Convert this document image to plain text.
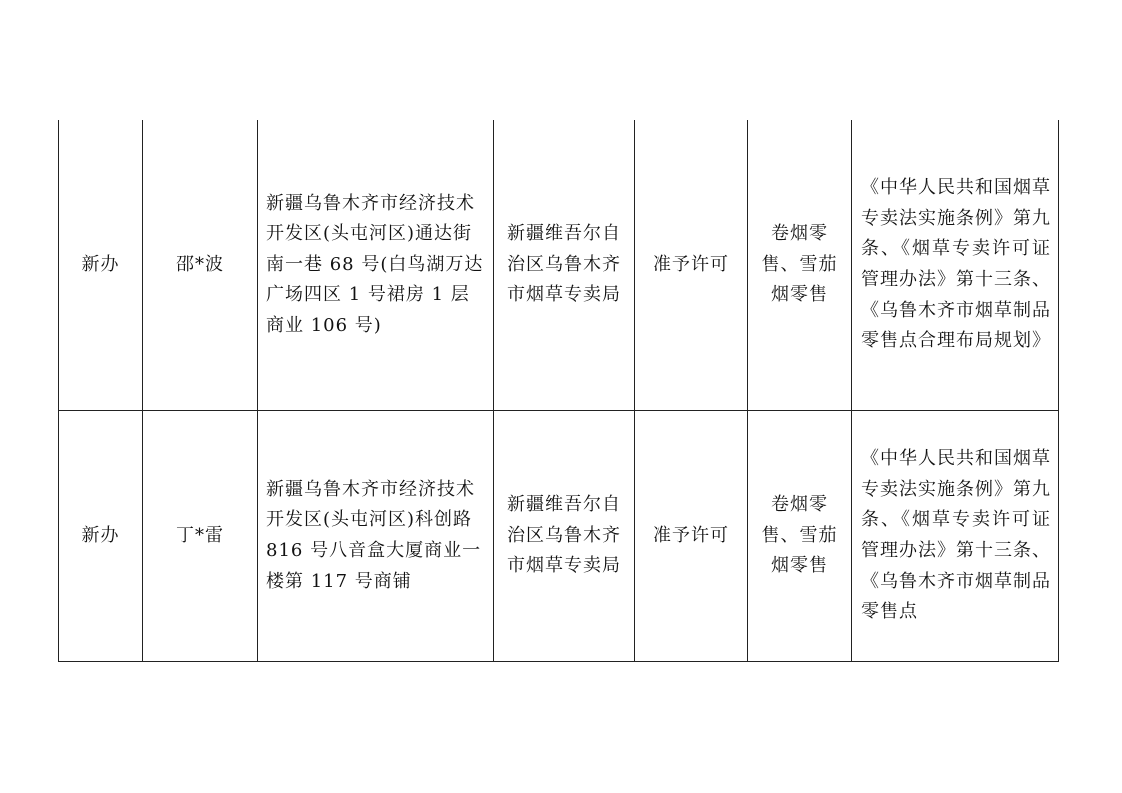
新办	邵*波	新疆乌鲁木齐市经济技术开发区(头屯河区)通达街南一巷 68 号(白鸟湖万达广场四区 1 号裙房 1 层商业 106 号)	新疆维吾尔自治区乌鲁木齐市烟草专卖局	准予许可	卷烟零售、雪茄烟零售	《中华人民共和国烟草专卖法实施条例》第九条、《烟草专卖许可证管理办法》第十三条、《乌鲁木齐市烟草制品零售点合理布局规划》

新办	丁*雷	新疆乌鲁木齐市经济技术开发区(头屯河区)科创路 816 号八音盒大厦商业一楼第 117 号商铺	新疆维吾尔自治区乌鲁木齐市烟草专卖局	准予许可	卷烟零售、雪茄烟零售	《中华人民共和国烟草专卖法实施条例》第九条、《烟草专卖许可证管理办法》第十三条、《乌鲁木齐市烟草制品零售点
